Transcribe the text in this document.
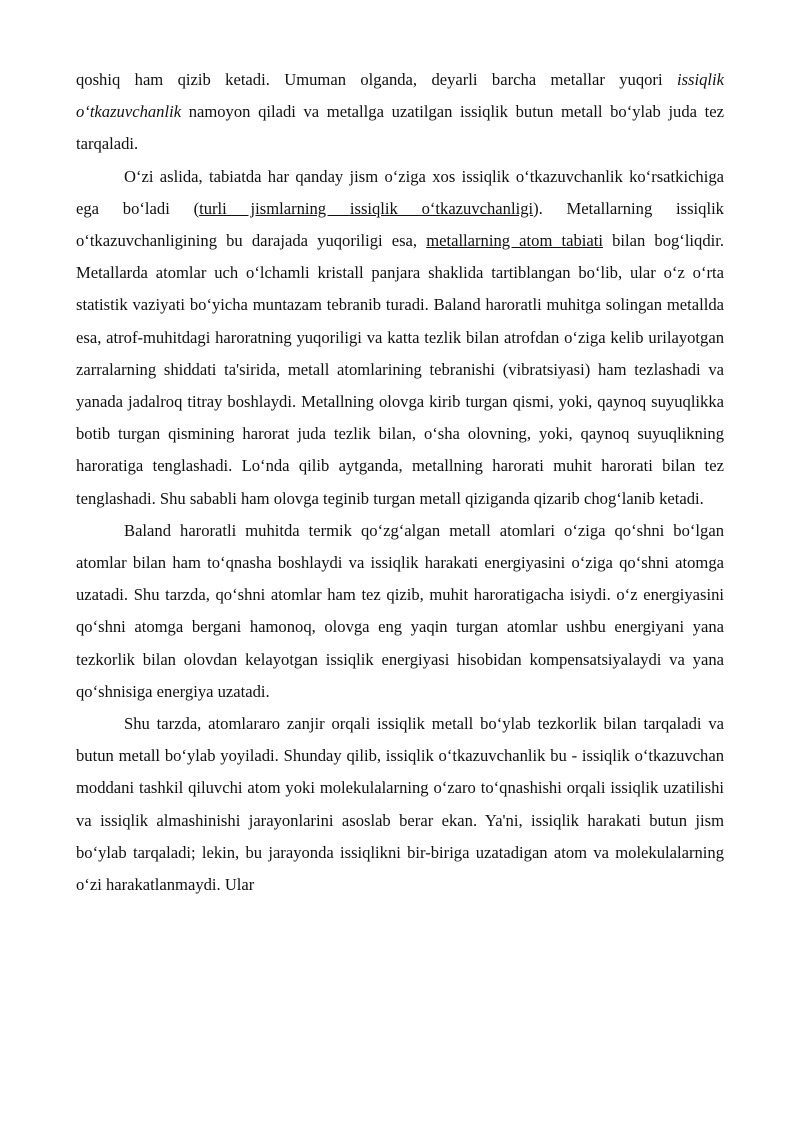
qoshiq ham qizib ketadi. Umuman olganda, deyarli barcha metallar yuqori issiqlik o‘tkazuvchanlik namoyon qiladi va metallga uzatilgan issiqlik butun metall bo‘ylab juda tez tarqaladi.

O‘zi aslida, tabiatda har qanday jism o‘ziga xos issiqlik o‘tkazuvchanlik ko‘rsatkichiga ega bo‘ladi (turli jismlarning issiqlik o‘tkazuvchanligi). Metallarning issiqlik o‘tkazuvchanligining bu darajada yuqoriligi esa, metallarning atom tabiati bilan bog‘liqdir. Metallarda atomlar uch o‘lchamli kristall panjara shaklida tartiblangan bo‘lib, ular o‘z o‘rta statistik vaziyati bo‘yicha muntazam tebranib turadi. Baland haroratli muhitga solingan metallda esa, atrof-muhitdagi haroratning yuqoriligi va katta tezlik bilan atrofdan o‘ziga kelib urilayotgan zarralarning shiddati ta'sirida, metall atomlarining tebranishi (vibratsiyasi) ham tezlashadi va yanada jadalroq titray boshlaydi. Metallning olovga kirib turgan qismi, yoki, qaynoq suyuqlikka botib turgan qismining harorat juda tezlik bilan, o‘sha olovning, yoki, qaynoq suyuqlikning haroratiga tenglashadi. Lo‘nda qilib aytganda, metallning harorati muhit harorati bilan tez tenglashadi. Shu sababli ham olovga teginib turgan metall qiziganda qizarib chog‘lanib ketadi.

Baland haroratli muhitda termik qo‘zg‘algan metall atomlari o‘ziga qo‘shni bo‘lgan atomlar bilan ham to‘qnasha boshlaydi va issiqlik harakati energiyasini o‘ziga qo‘shni atomga uzatadi. Shu tarzda, qo‘shni atomlar ham tez qizib, muhit haroratigacha isiydi. o‘z energiyasini qo‘shni atomga bergani hamonoq, olovga eng yaqin turgan atomlar ushbu energiyani yana tezkorlik bilan olovdan kelayotgan issiqlik energiyasi hisobidan kompensatsiyalaydi va yana qo‘shnisiga energiya uzatadi.

Shu tarzda, atomlararo zanjir orqali issiqlik metall bo‘ylab tezkorlik bilan tarqaladi va butun metall bo‘ylab yoyiladi. Shunday qilib, issiqlik o‘tkazuvchanlik bu - issiqlik o‘tkazuvchan moddani tashkil qiluvchi atom yoki molekulalarning o‘zaro to‘qnashishi orqali issiqlik uzatilishi va issiqlik almashinishi jarayonlarini asoslab berar ekan. Ya'ni, issiqlik harakati butun jism bo‘ylab tarqaladi; lekin, bu jarayonda issiqlikni bir-biriga uzatadigan atom va molekulalarning o‘zi harakatlanmaydi. Ular
